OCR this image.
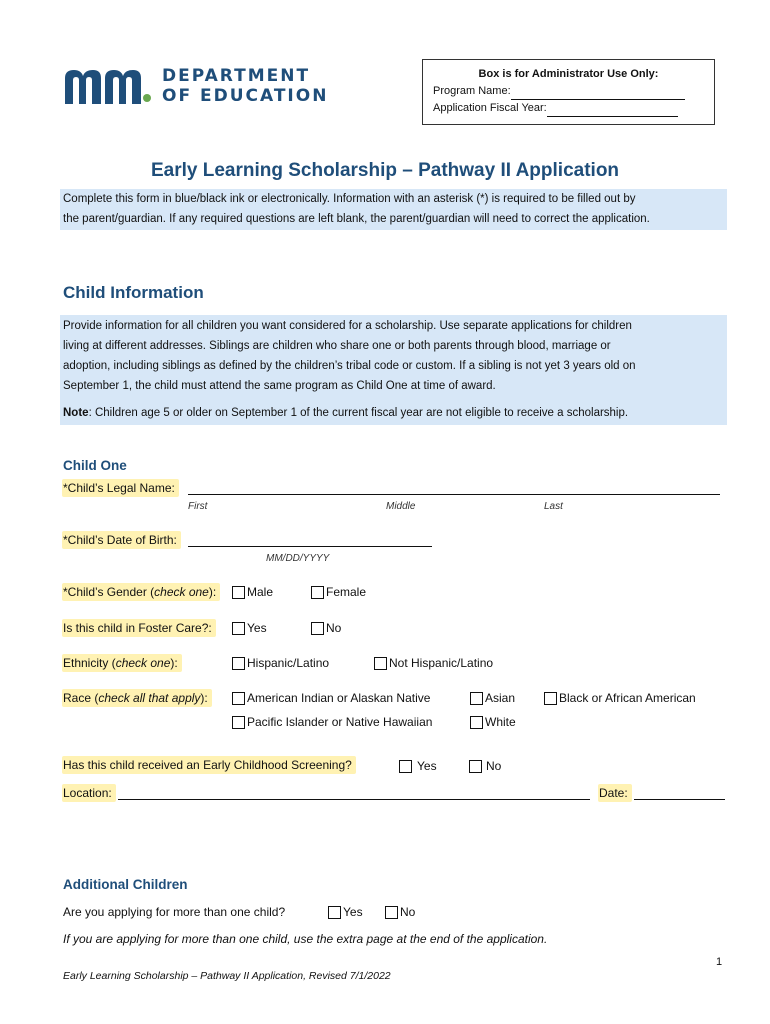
DEPARTMENT
OF EDUCATION
Box is for Administrator Use Only:
Program Name:
Application Fiscal Year:
Early Learning Scholarship – Pathway II Application
Complete this form in blue/black ink or electronically. Information with an asterisk (*) is required to be filled out by
the parent/guardian. If any required questions are left blank, the parent/guardian will need to correct the application.
Child Information
Provide information for all children you want considered for a scholarship. Use separate applications for children
living at different addresses. Siblings are children who share one or both parents through blood, marriage or
adoption, including siblings as defined by the children’s tribal code or custom. If a sibling is not yet 3 years old on
September 1, the child must attend the same program as Child One at time of award.
Note: Children age 5 or older on September 1 of the current fiscal year are not eligible to receive a scholarship.
Child One
*Child’s Legal Name:
First	Middle	Last
*Child’s Date of Birth:
MM/DD/YYYY
*Child’s Gender (check one):	Male	Female
Is this child in Foster Care?:	Yes	No
Ethnicity (check one):	Hispanic/Latino	Not Hispanic/Latino
Race (check all that apply):	American Indian or Alaskan Native	Asian	Black or African American
Pacific Islander or Native Hawaiian	White
Has this child received an Early Childhood Screening?	Yes	No
Location:	Date:
Additional Children
Are you applying for more than one child?	Yes	No
If you are applying for more than one child, use the extra page at the end of the application.
1
Early Learning Scholarship – Pathway II Application, Revised 7/1/2022
